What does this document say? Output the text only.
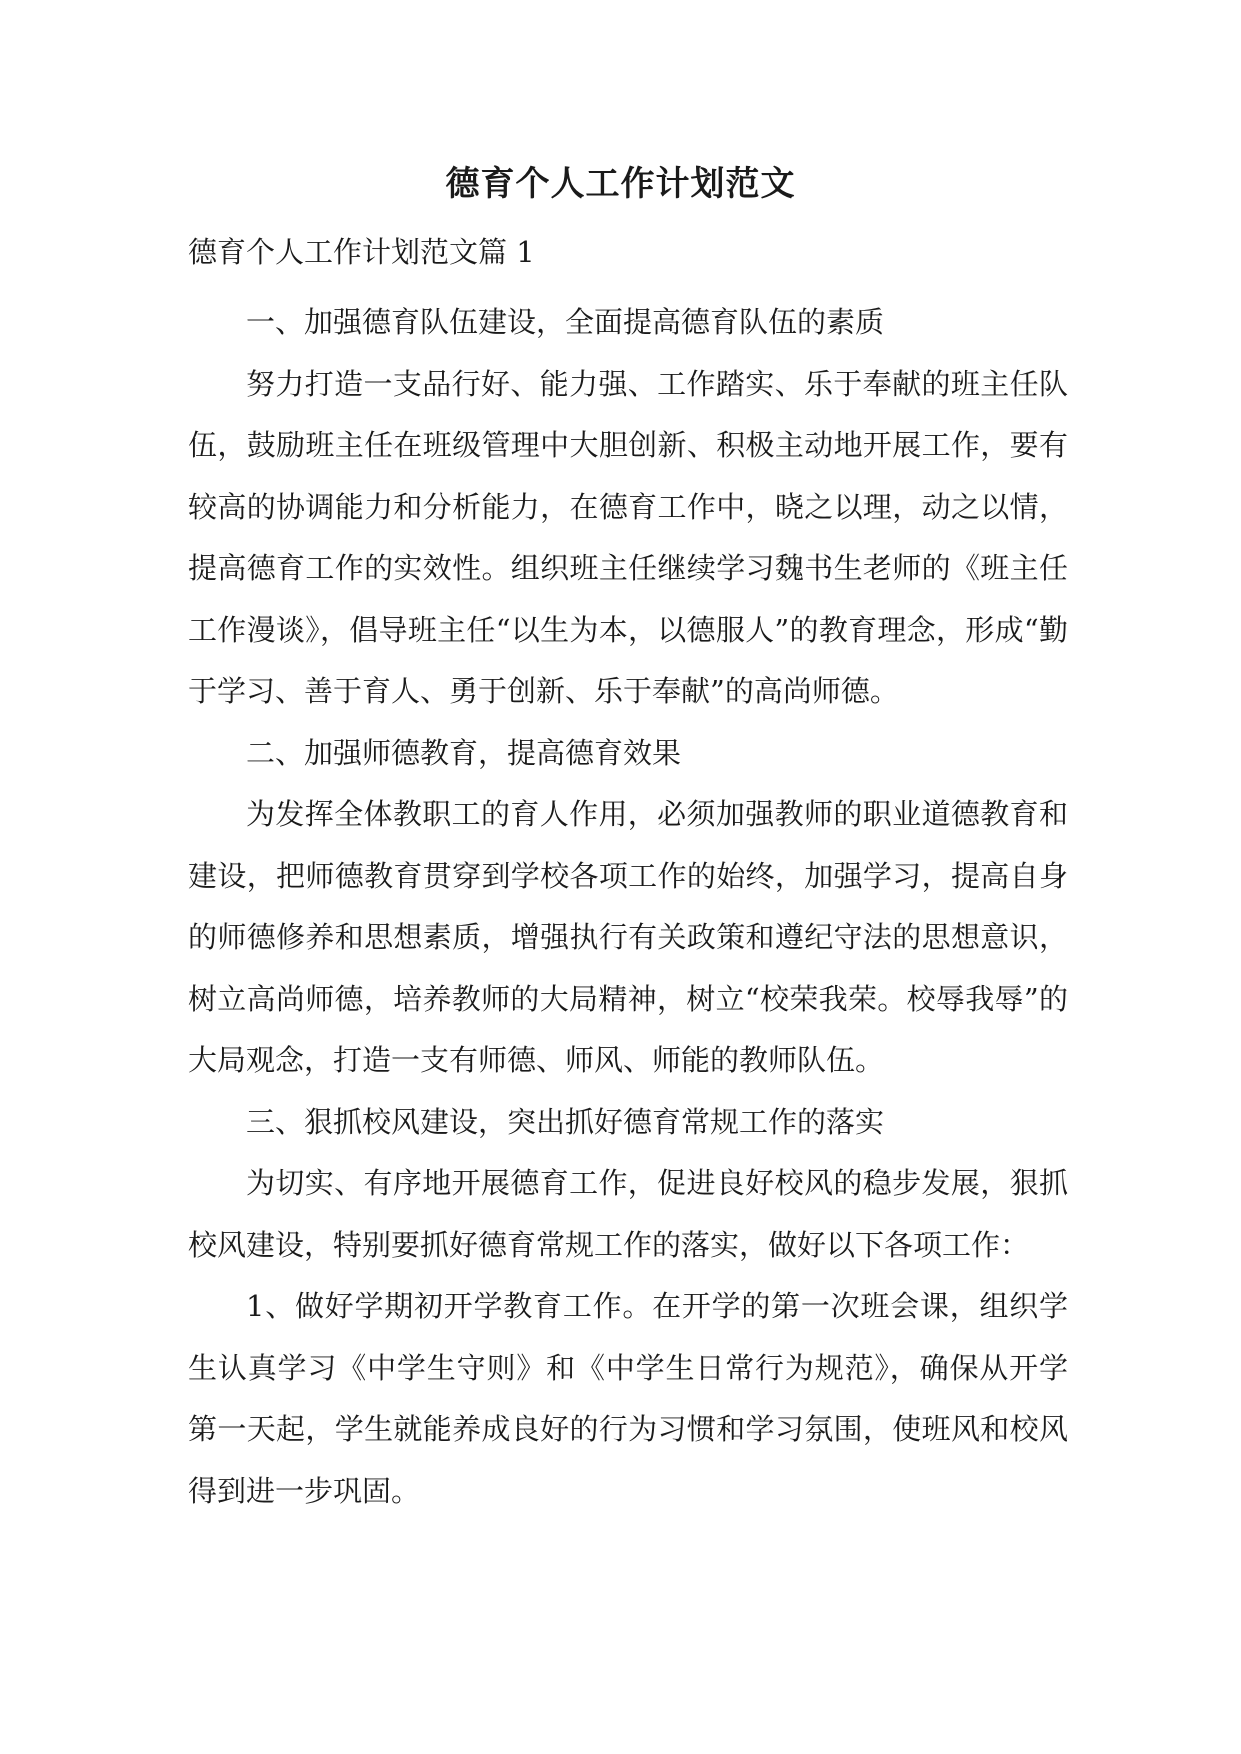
德育个人工作计划范文
德育个人工作计划范文篇 1

一、加强德育队伍建设，全面提高德育队伍的素质

努力打造一支品行好、能力强、工作踏实、乐于奉献的班主任队伍，鼓励班主任在班级管理中大胆创新、积极主动地开展工作，要有较高的协调能力和分析能力，在德育工作中，晓之以理，动之以情，提高德育工作的实效性。组织班主任继续学习魏书生老师的《班主任工作漫谈》，倡导班主任“以生为本，以德服人”的教育理念，形成“勤于学习、善于育人、勇于创新、乐于奉献”的高尚师德。

二、加强师德教育，提高德育效果

为发挥全体教职工的育人作用，必须加强教师的职业道德教育和建设，把师德教育贯穿到学校各项工作的始终，加强学习，提高自身的师德修养和思想素质，增强执行有关政策和遵纪守法的思想意识，树立高尚师德，培养教师的大局精神，树立“校荣我荣。校辱我辱”的大局观念，打造一支有师德、师风、师能的教师队伍。

三、狠抓校风建设，突出抓好德育常规工作的落实

为切实、有序地开展德育工作，促进良好校风的稳步发展，狠抓校风建设，特别要抓好德育常规工作的落实，做好以下各项工作：

1、做好学期初开学教育工作。在开学的第一次班会课，组织学生认真学习《中学生守则》和《中学生日常行为规范》，确保从开学第一天起，学生就能养成良好的行为习惯和学习氛围，使班风和校风得到进一步巩固。
